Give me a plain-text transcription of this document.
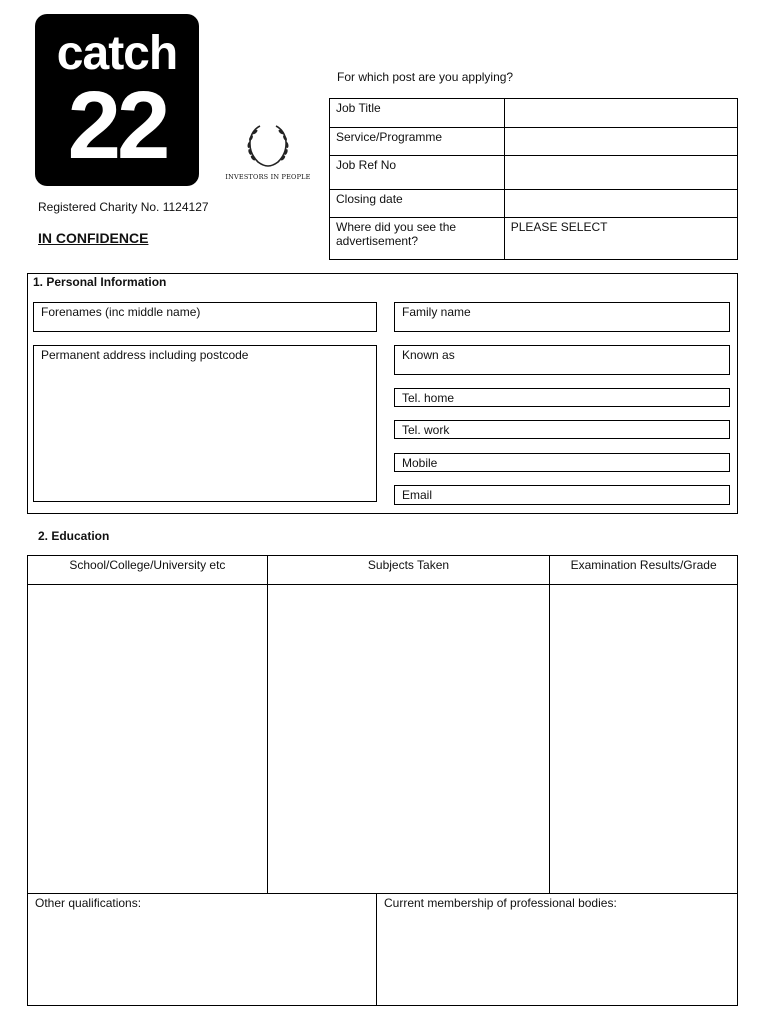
catch
22	INVESTORS IN PEOPLE
Registered Charity No. 1124127
IN CONFIDENCE
For which post are you applying?
Job Title	
Service/Programme	
Job Ref No	
Closing date	
Where did you see the advertisement?	PLEASE SELECT
1. Personal Information
Forenames (inc middle name)	Family name
Permanent address including postcode	Known as
Tel. home
Tel. work
Mobile
Email
2. Education
School/College/University etc	Subjects Taken	Examination Results/Grade

Other qualifications:	Current membership of professional bodies:
